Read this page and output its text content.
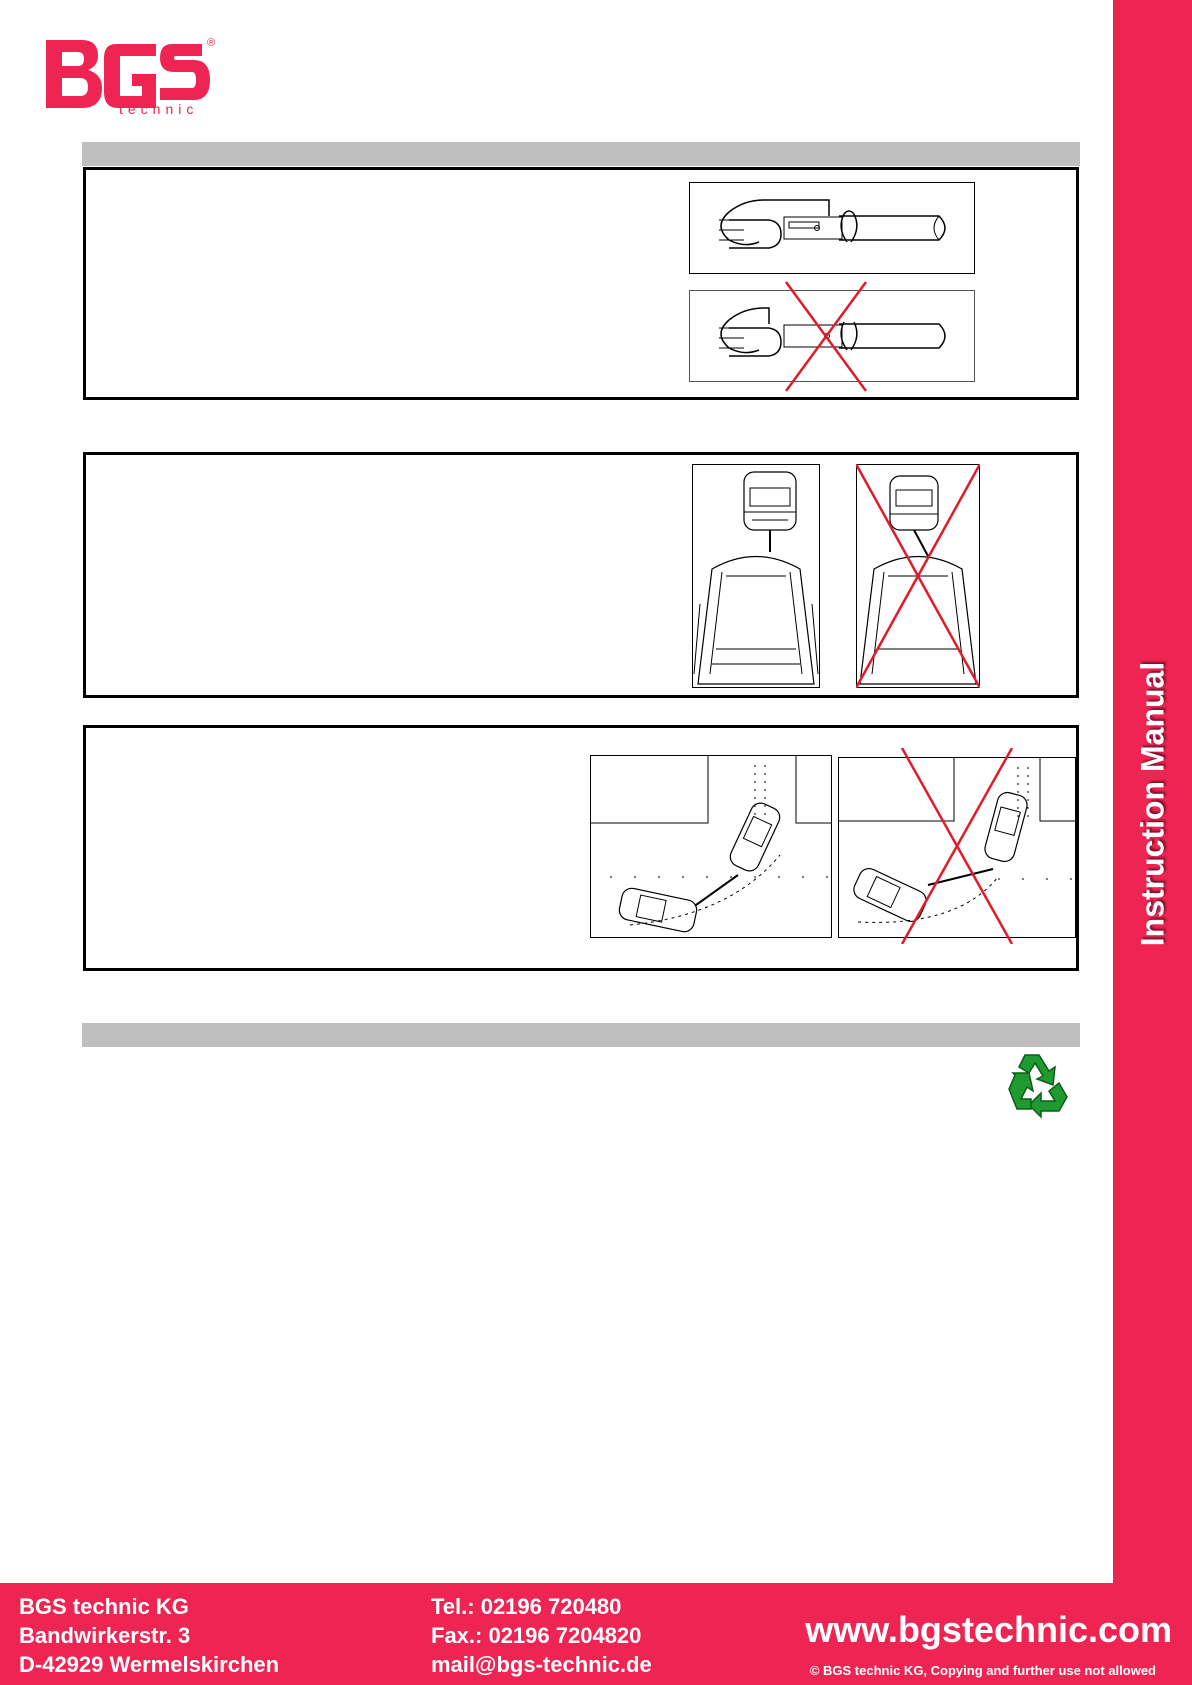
®
technic
Instruction Manual
BGS technic KG
Bandwirkerstr. 3
D-42929 Wermelskirchen
Tel.: 02196 720480
Fax.: 02196 7204820
mail@bgs-technic.de
www.bgstechnic.com
© BGS technic KG, Copying and further use not allowed
